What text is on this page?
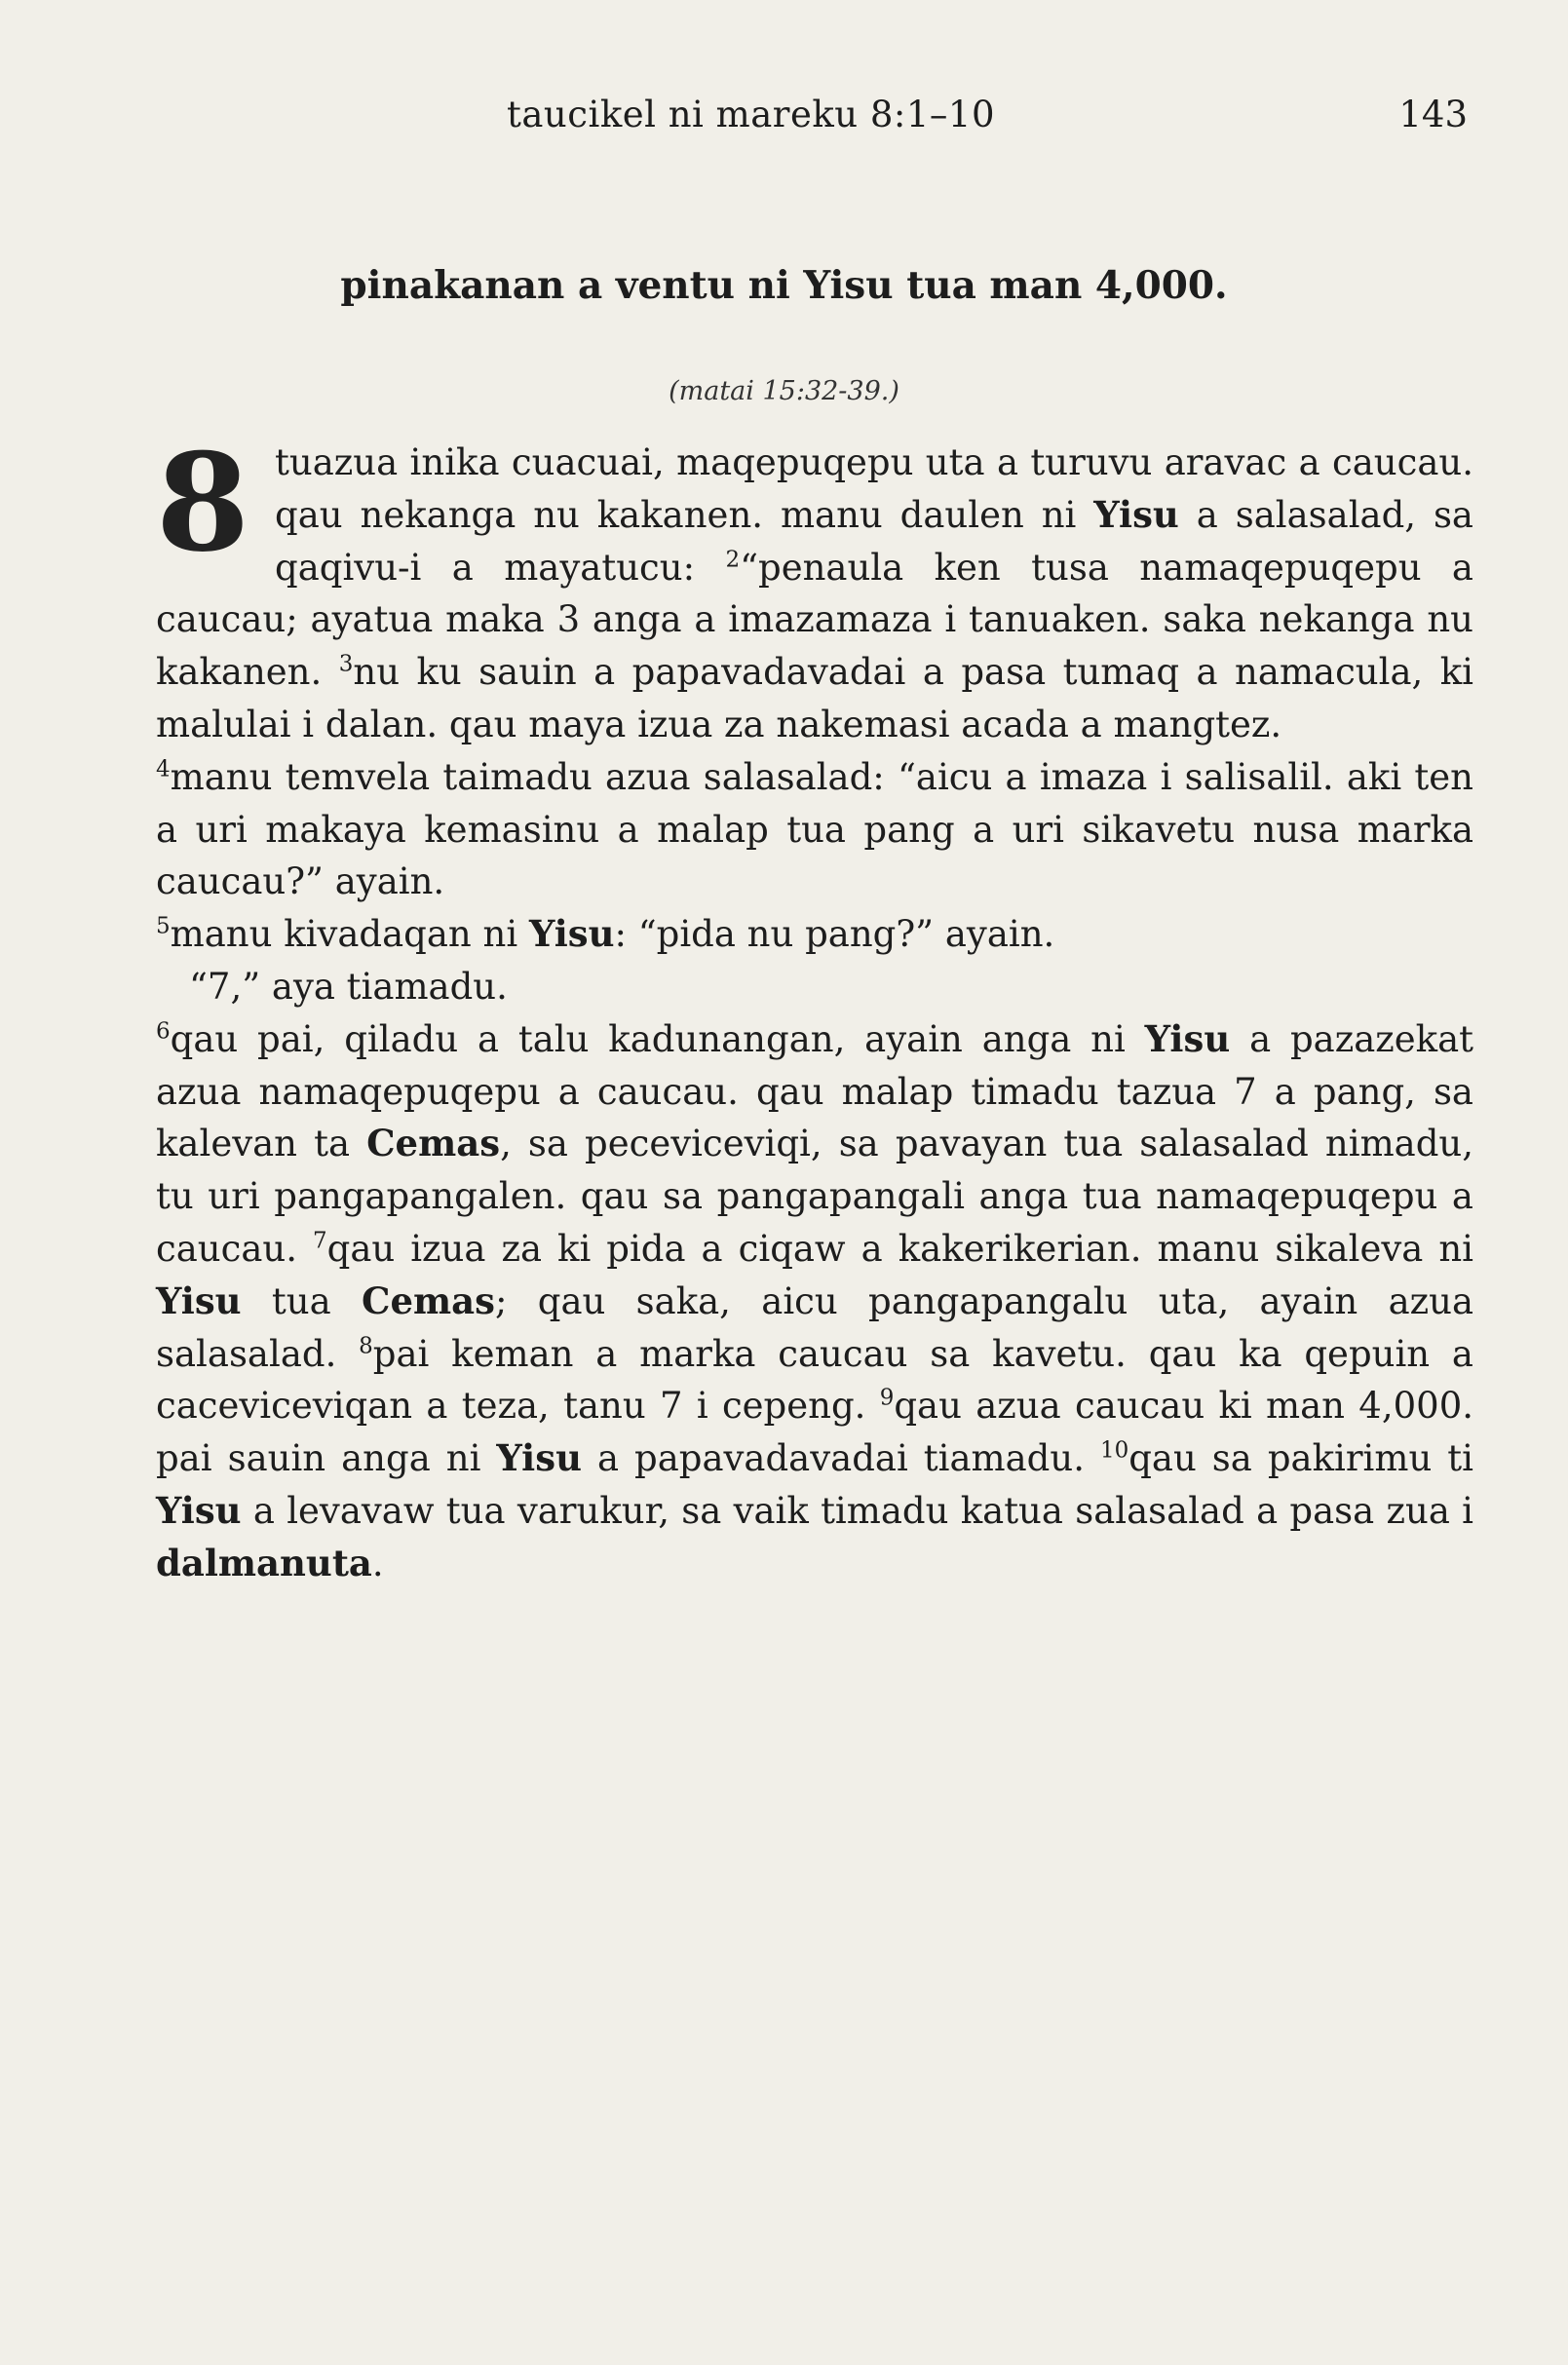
taucikel ni mareku 8:1–10	143
pinakanan a ventu ni Yisu tua man 4,000.
(matai 15:32-39.)

8 tuazua inika cuacuai, maqepuqepu uta a turuvu aravac a caucau. qau nekanga nu kakanen. manu daulen ni Yisu a salasalad, sa qaqivu-i a mayatucu: $^2$“penaula ken tusa namaqepuqepu a caucau; ayatua maka 3 anga a imazamaza i tanuaken. saka nekanga nu kakanen. $^3$nu ku sauin a papavadavadai a pasa tumaq a namacula, ki malulai i dalan. qau maya izua za nakemasi acada a mangtez.

$^4$manu temvela taimadu azua salasalad: “aicu a imaza i salisalil. aki ten a uri makaya kemasinu a malap tua pang a uri sikavetu nusa marka caucau?” ayain.

$^5$manu kivadaqan ni Yisu: “pida nu pang?” ayain.

“7,” aya tiamadu.

$^6$qau pai, qiladu a talu kadunangan, ayain anga ni Yisu a pazazekat azua namaqepuqepu a caucau. qau malap timadu tazua 7 a pang, sa kalevan ta Cemas, sa peceviceviqi, sa pavayan tua salasalad nimadu, tu uri pangapangalen. qau sa pangapangali anga tua namaqepuqepu a caucau. $^7$qau izua za ki pida a ciqaw a kakerikerian. manu sikaleva ni Yisu tua Cemas; qau saka, aicu pangapangalu uta, ayain azua salasalad. $^8$pai keman a marka caucau sa kavetu. qau ka qepuin a caceviceviqan a teza, tanu 7 i cepeng. $^9$qau azua caucau ki man 4,000. pai sauin anga ni Yisu a papavadavadai tiamadu. $^{10}$qau sa pakirimu ti Yisu a levavaw tua varukur, sa vaik timadu katua salasalad a pasa zua i dalmanuta.
